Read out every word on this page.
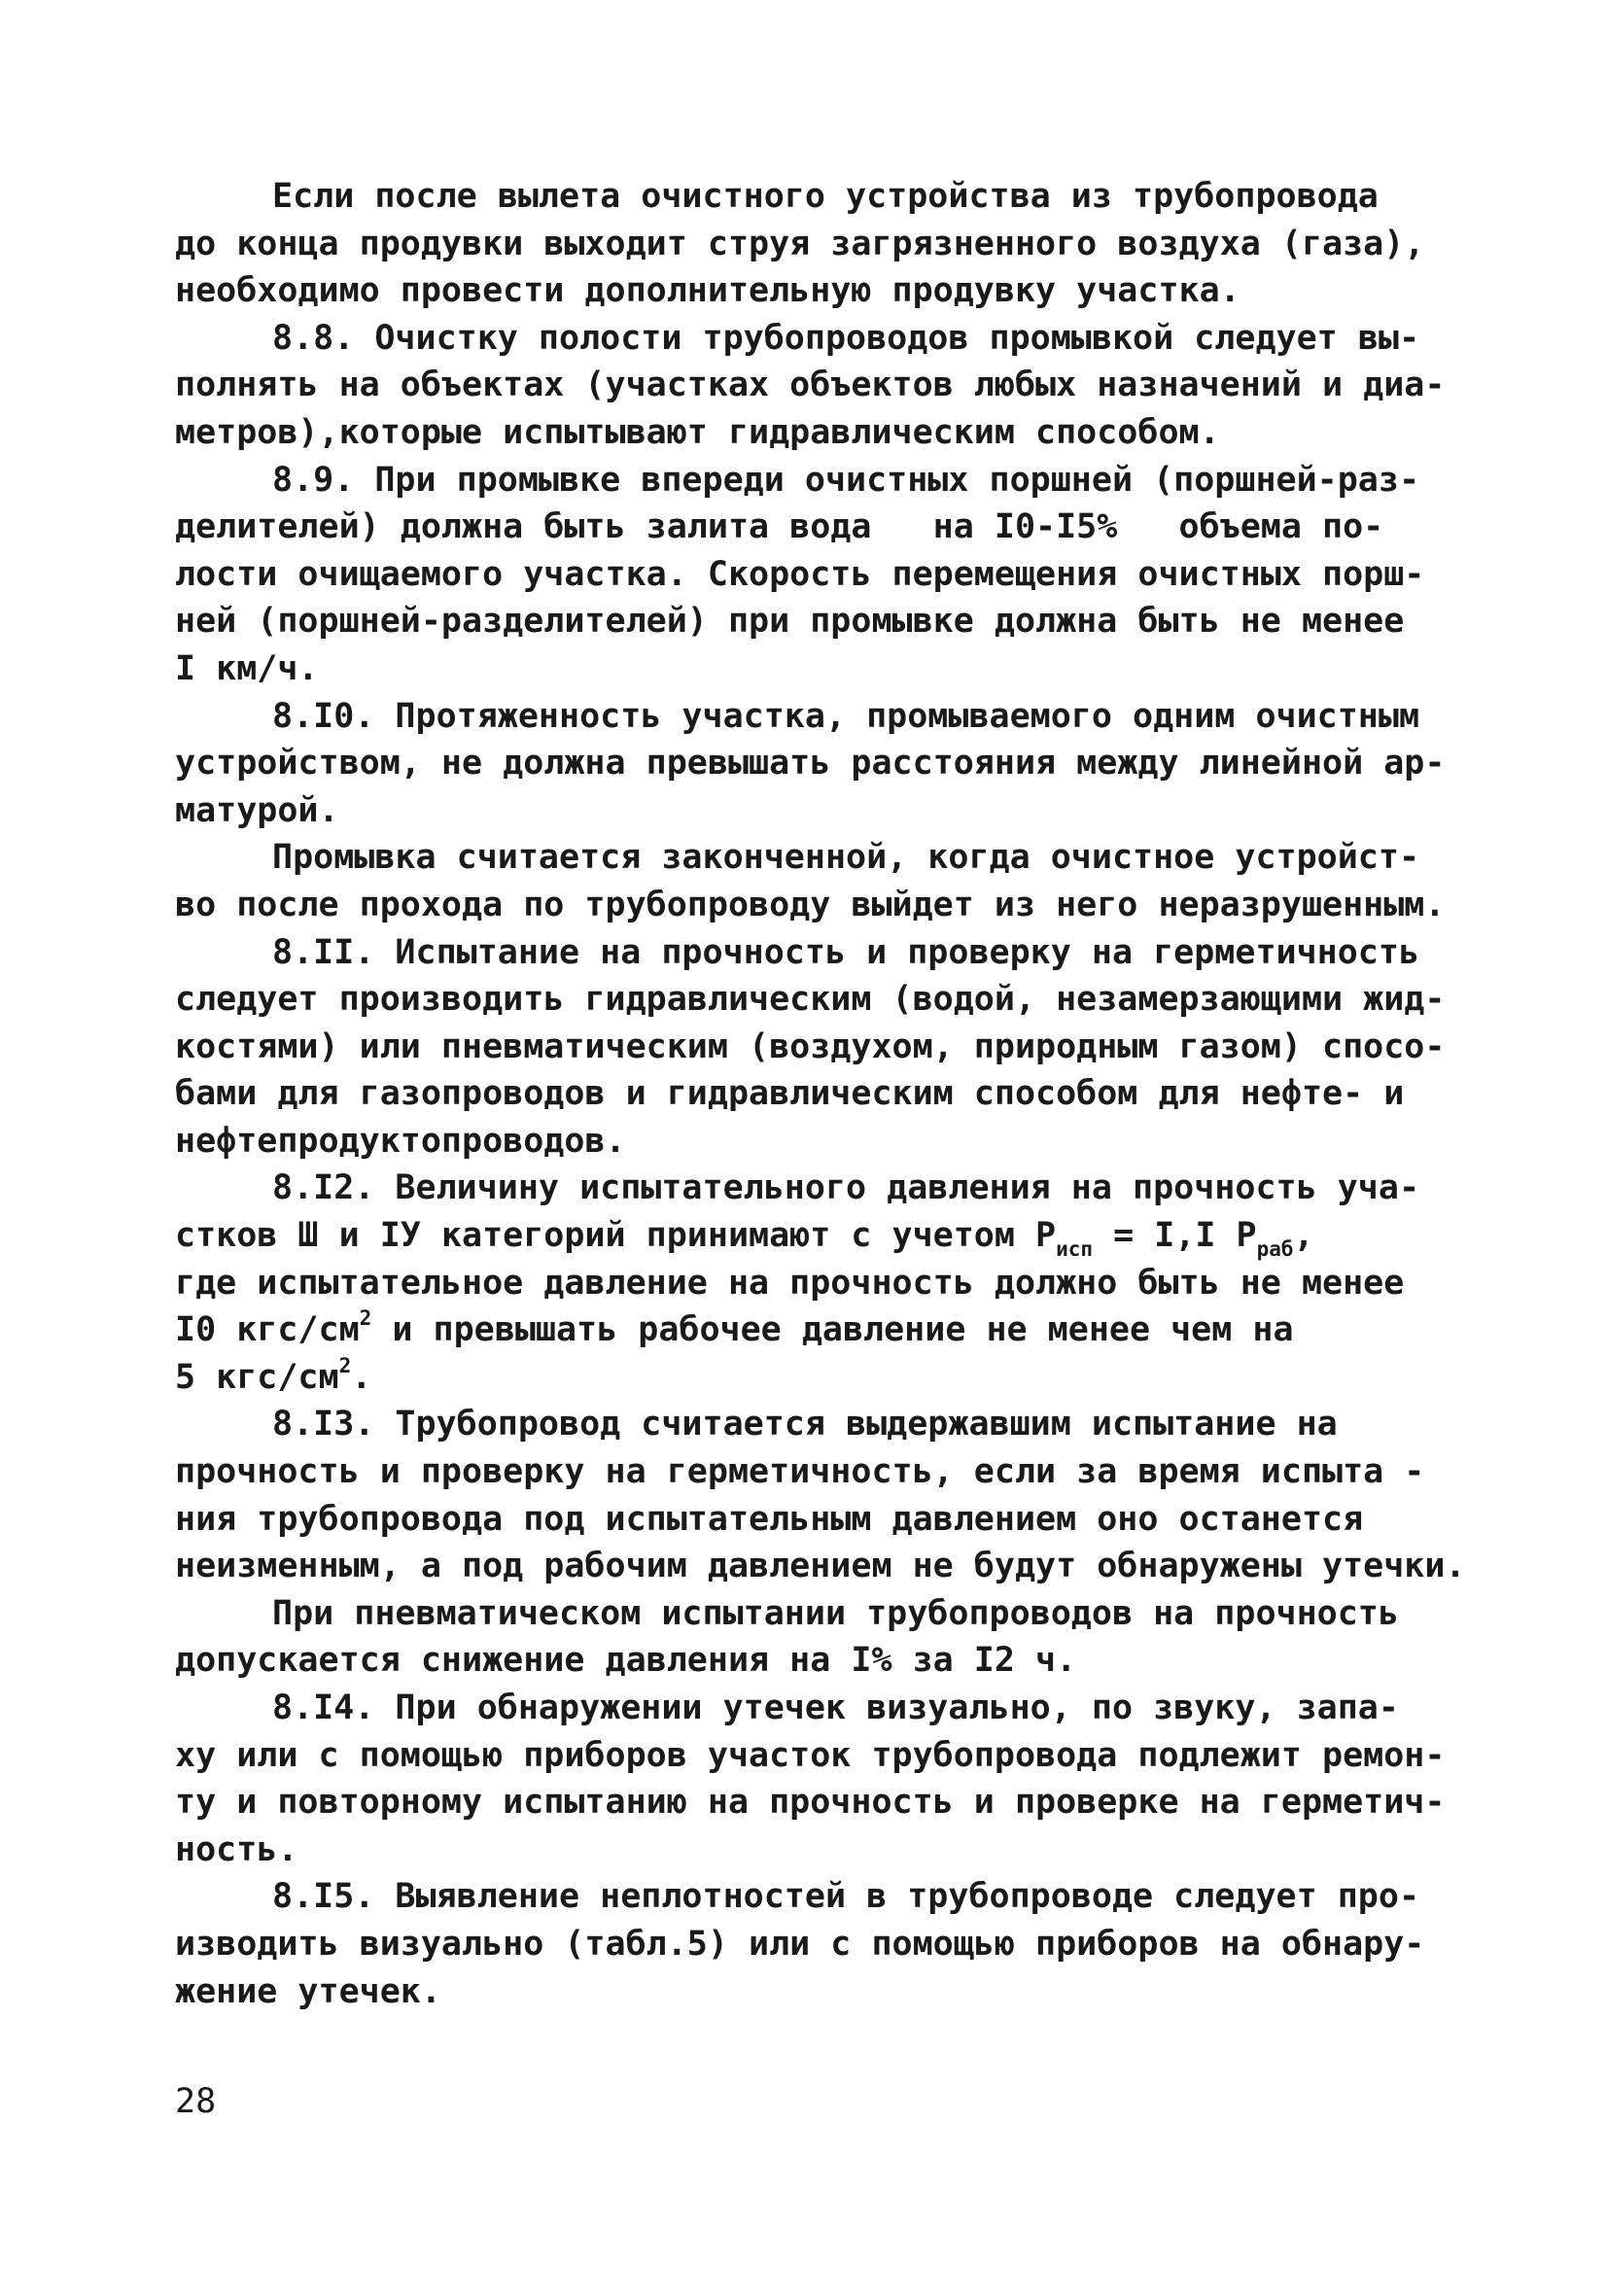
Если после вылета очистного устройства из трубопровода
до конца продувки выходит струя загрязненного воздуха (газа),
необходимо провести дополнительную продувку участка.
8.8. Очистку полости трубопроводов промывкой следует вы-
полнять на объектах (участках объектов любых назначений и диа-
метров),которые испытывают гидравлическим способом.
8.9. При промывке впереди очистных поршней (поршней-раз-
делителей) должна быть залита вода   на I0-I5%   объема по-
лости очищаемого участка. Скорость перемещения очистных порш-
ней (поршней-разделителей) при промывке должна быть не менее
I км/ч.
8.I0. Протяженность участка, промываемого одним очистным
устройством, не должна превышать расстояния между линейной ар-
матурой.
Промывка считается законченной, когда очистное устройст-
во после прохода по трубопроводу выйдет из него неразрушенным.
8.II. Испытание на прочность и проверку на герметичность
следует производить гидравлическим (водой, незамерзающими жид-
костями) или пневматическим (воздухом, природным газом) спосо-
бами для газопроводов и гидравлическим способом для нефте- и
нефтепродуктопроводов.
8.I2. Величину испытательного давления на прочность уча-
стков Ш и IУ категорий принимают с учетом $P_{исп} = I,I$ $P_{раб}$,
где испытательное давление на прочность должно быть не менее
I0 кгс/$см^2$ и превышать рабочее давление не менее чем на
5 кгс/$см^2$.
8.I3. Трубопровод считается выдержавшим испытание на
прочность и проверку на герметичность, если за время испыта -
ния трубопровода под испытательным давлением оно останется
неизменным, а под рабочим давлением не будут обнаружены утечки.
При пневматическом испытании трубопроводов на прочность
допускается снижение давления на I% за I2 ч.
8.I4. При обнаружении утечек визуально, по звуку, запа-
ху или с помощью приборов участок трубопровода подлежит ремон-
ту и повторному испытанию на прочность и проверке на герметич-
ность.
8.I5. Выявление неплотностей в трубопроводе следует про-
изводить визуально (табл.5) или с помощью приборов на обнару-
жение утечек.
28
